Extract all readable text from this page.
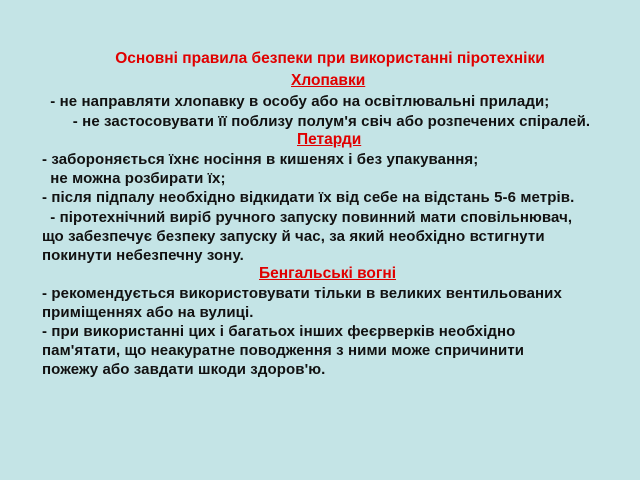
Основні правила безпеки при використанні піротехніки
Хлопавки
- не направляти хлопавку в особу або на освітлювальні прилади;
- не застосовувати її поблизу полум'я свіч або розпечених спіралей.
Петарди
- забороняється їхнє носіння в кишенях і без упакування;
не можна розбирати їх;
- після підпалу необхідно відкидати їх від себе на відстань 5-6 метрів.
- піротехнічний виріб ручного запуску повинний мати сповільнювач,
що забезпечує безпеку запуску й час, за який необхідно встигнути
покинути небезпечну зону.
Бенгальські вогні
- рекомендується використовувати тільки в великих вентильованих
приміщеннях або на вулиці.
- при використанні цих і багатьох інших феєрверків необхідно
пам'ятати, що неакуратне поводження з ними може спричинити
пожежу або завдати шкоди здоров'ю.
